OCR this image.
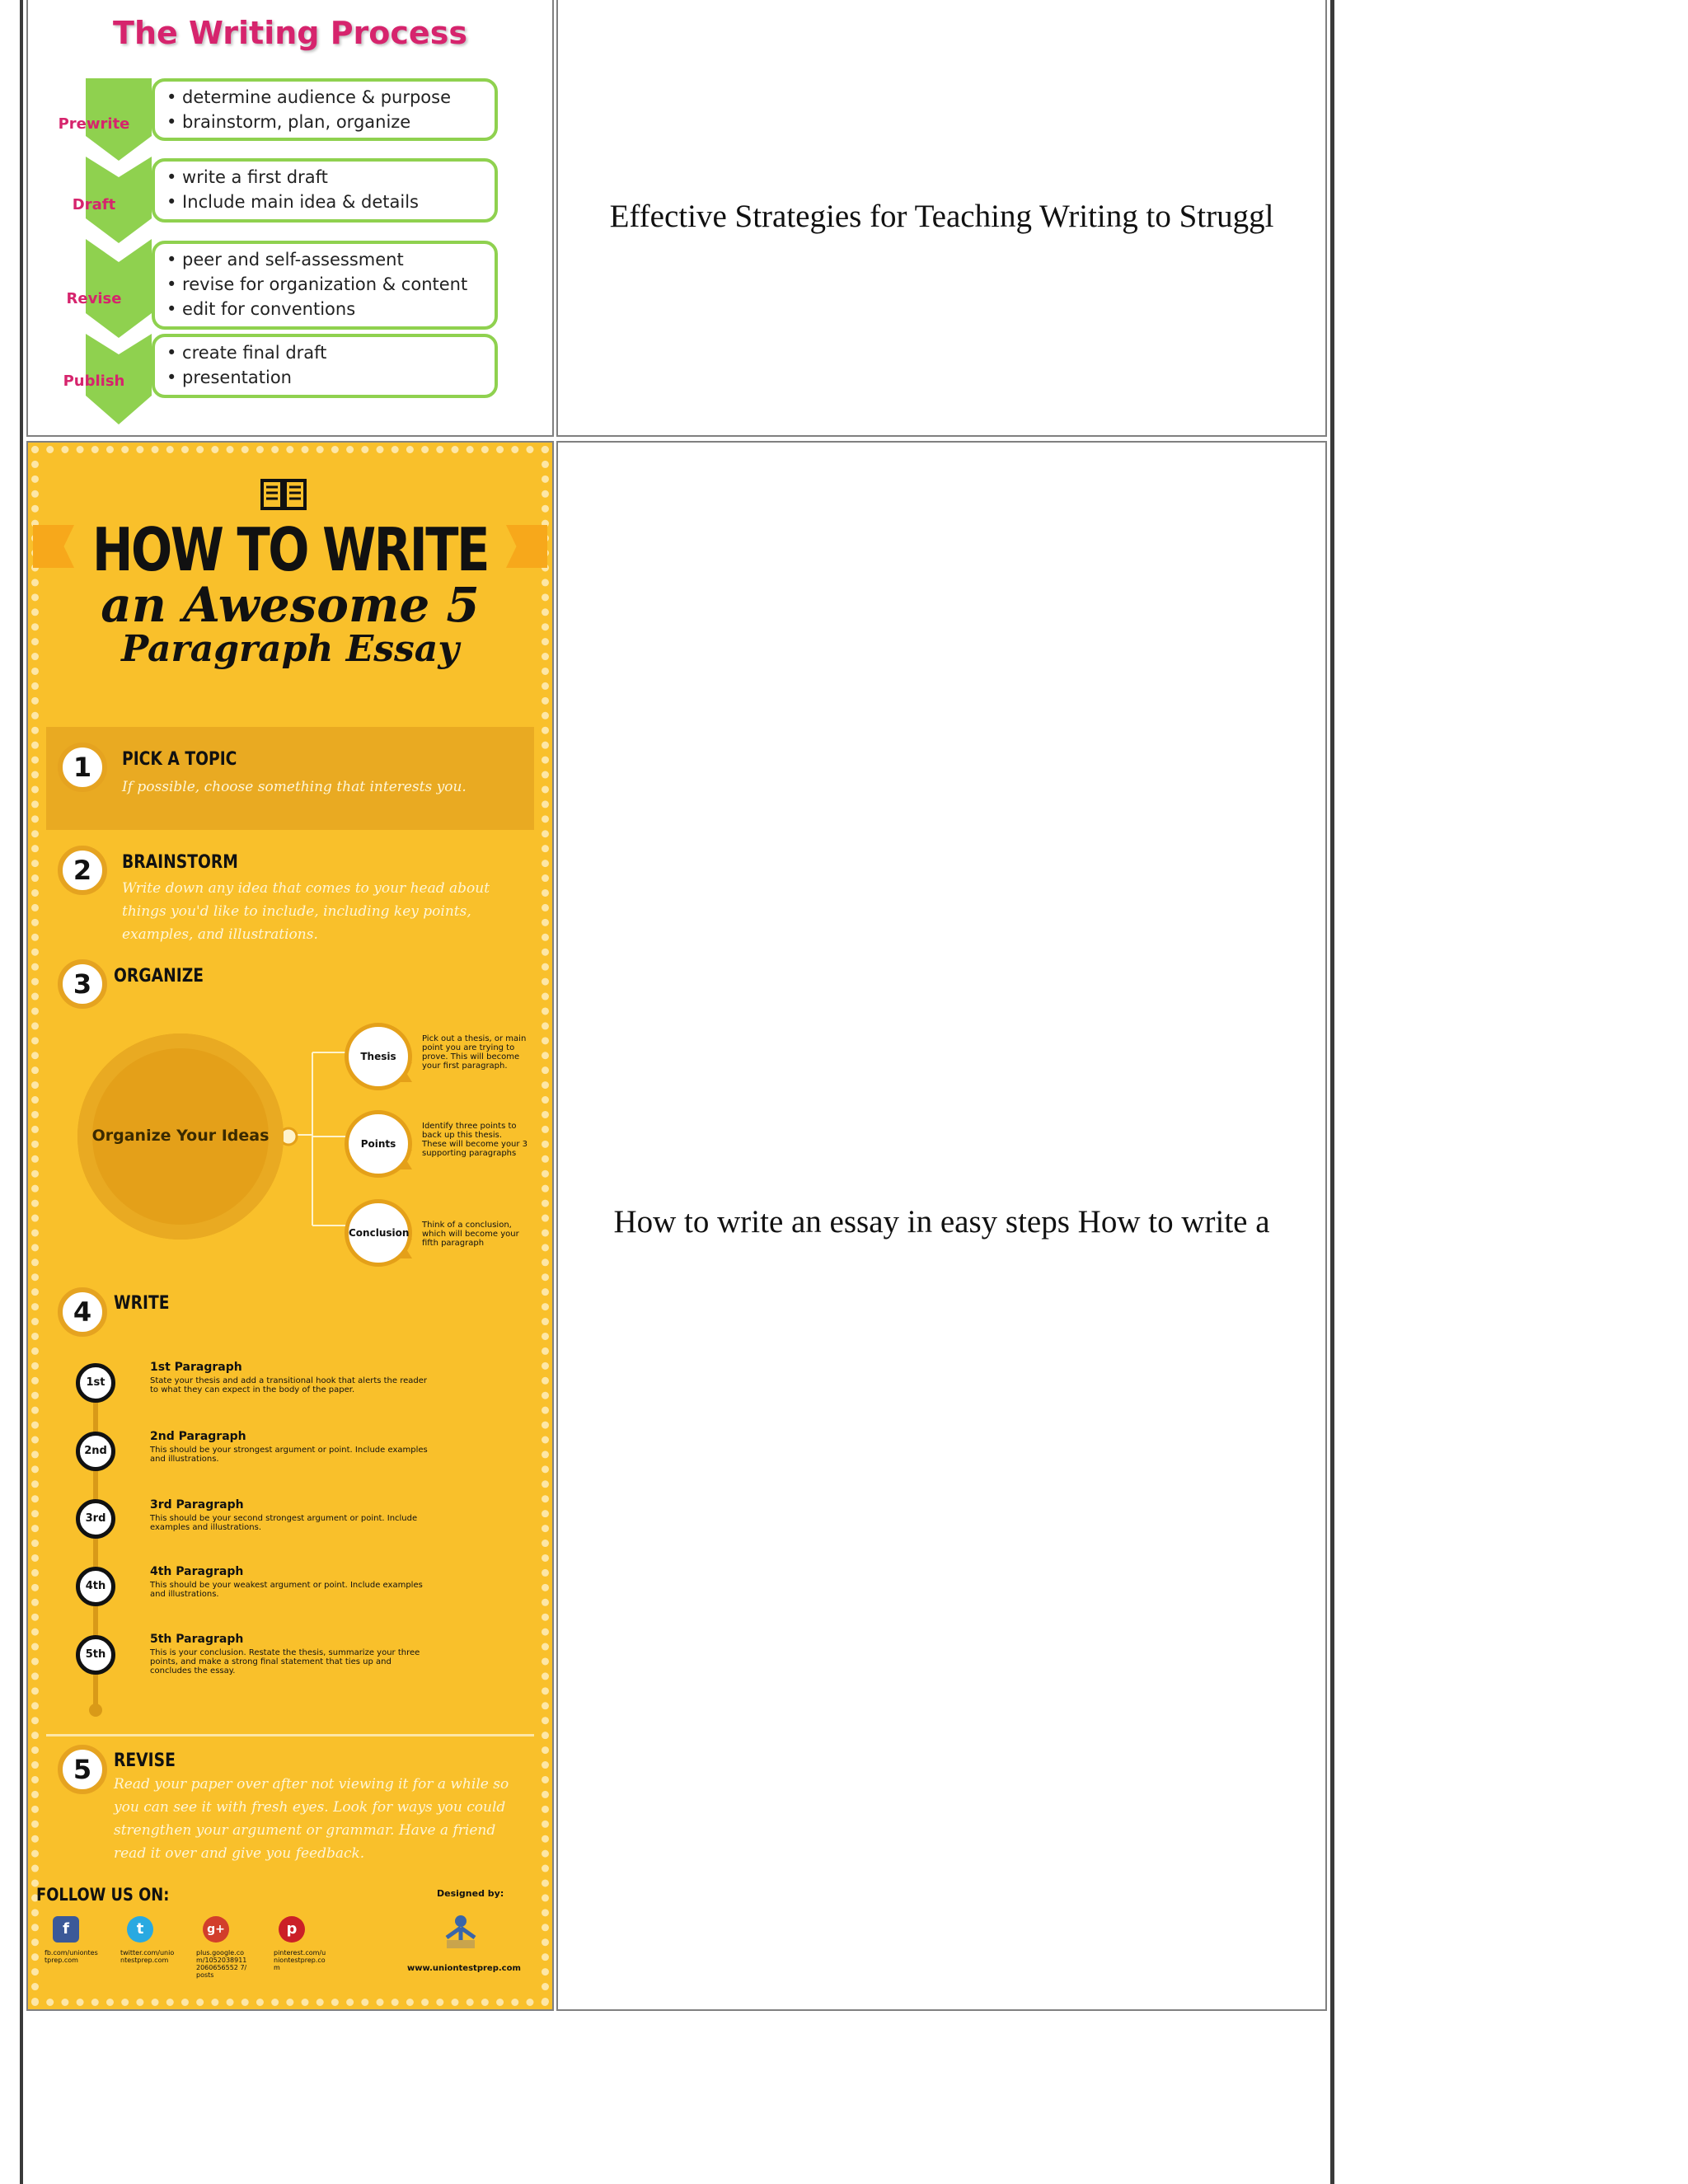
The Writing Process
Prewrite
Draft
Revise
Publish
• determine audience & purpose
• brainstorm, plan, organize
• write a first draft
• Include main idea & details
• peer and self-assessment
• revise for organization & content
• edit for conventions
• create final draft
• presentation
Effective Strategies for Teaching Writing to Struggl
HOW TO WRITE
an Awesome 5
Paragraph Essay
1	PICK A TOPIC
If possible, choose something that interests you.
2	BRAINSTORM
Write down any idea that comes to your head about things you'd like to include, including key points, examples, and illustrations.
3	ORGANIZE
Organize Your Ideas
Thesis
Pick out a thesis, or main point you are trying to prove. This will become your first paragraph.
Points
Identify three points to back up this thesis. These will become your 3 supporting paragraphs
Conclusion
Think of a conclusion, which will become your fifth paragraph
4	WRITE
1st
1st Paragraph
State your thesis and add a transitional hook that alerts the reader to what they can expect in the body of the paper.
2nd
2nd Paragraph
This should be your strongest argument or point. Include examples and illustrations.
3rd
3rd Paragraph
This should be your second strongest argument or point. Include examples and illustrations.
4th
4th Paragraph
This should be your weakest argument or point. Include examples and illustrations.
5th
5th Paragraph
This is your conclusion. Restate the thesis, summarize your three points, and make a strong final statement that ties up and concludes the essay.
5	REVISE
Read your paper over after not viewing it for a while so you can see it with fresh eyes. Look for ways you could strengthen your argument or grammar. Have a friend read it over and give you feedback.
FOLLOW US ON:	Designed by:
www.uniontestprep.com
f
fb.com/uniontestprep.com
t
twitter.com/uniontestprep.com
g+
plus.google.com/10520389112060656552 7/posts
p
pinterest.com/uniontestprep.com
How to write an essay in easy steps How to write a
